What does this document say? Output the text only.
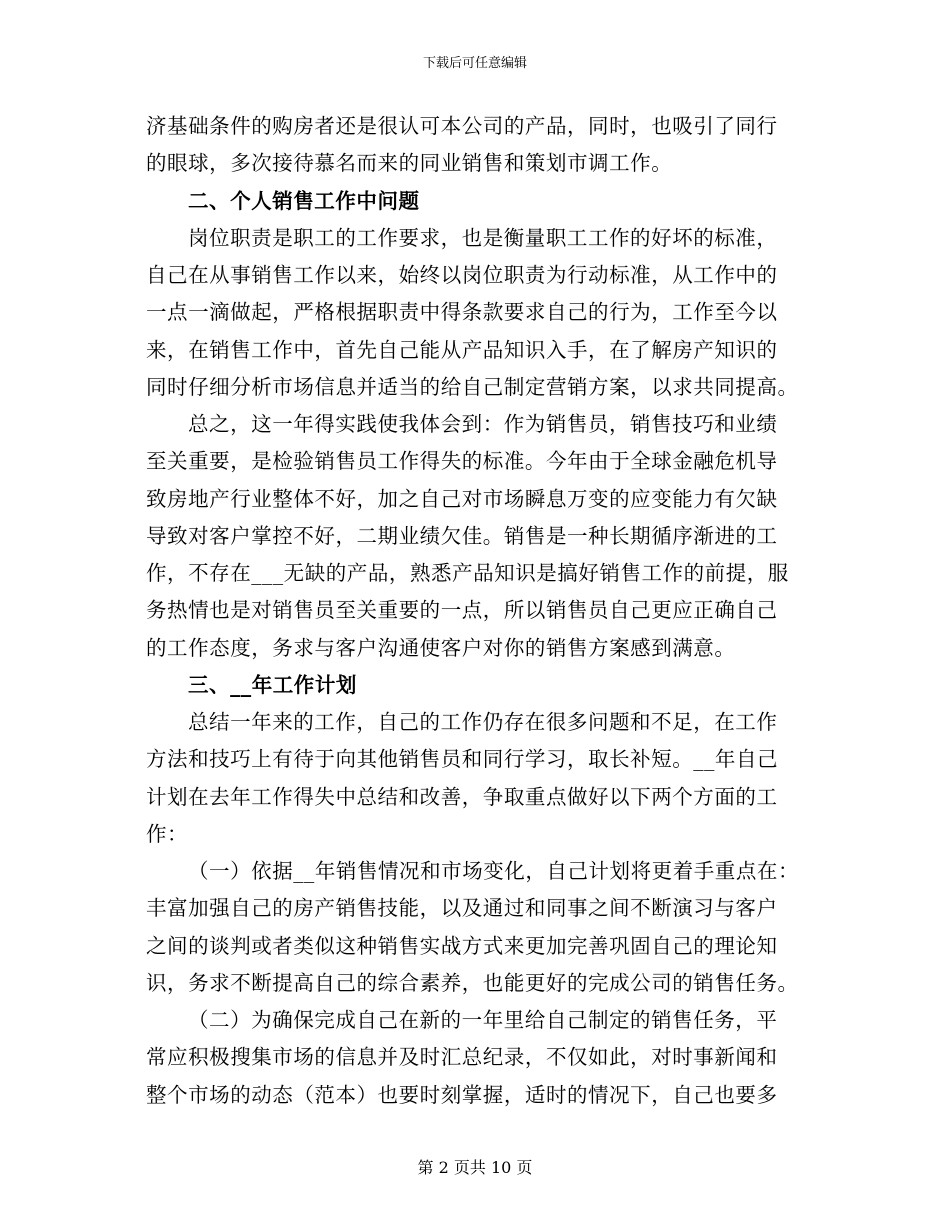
下载后可任意编辑
济基础条件的购房者还是很认可本公司的产品，同时，也吸引了同行
的眼球，多次接待慕名而来的同业销售和策划市调工作。
二、个人销售工作中问题
岗位职责是职工的工作要求，也是衡量职工工作的好坏的标准，
自己在从事销售工作以来，始终以岗位职责为行动标准，从工作中的
一点一滴做起，严格根据职责中得条款要求自己的行为，工作至今以
来，在销售工作中，首先自己能从产品知识入手，在了解房产知识的
同时仔细分析市场信息并适当的给自己制定营销方案，以求共同提高。
总之，这一年得实践使我体会到：作为销售员，销售技巧和业绩
至关重要，是检验销售员工作得失的标准。今年由于全球金融危机导
致房地产行业整体不好，加之自己对市场瞬息万变的应变能力有欠缺
导致对客户掌控不好，二期业绩欠佳。销售是一种长期循序渐进的工
作，不存在___无缺的产品，熟悉产品知识是搞好销售工作的前提，服
务热情也是对销售员至关重要的一点，所以销售员自己更应正确自己
的工作态度，务求与客户沟通使客户对你的销售方案感到满意。
三、__年工作计划
总结一年来的工作，自己的工作仍存在很多问题和不足，在工作
方法和技巧上有待于向其他销售员和同行学习，取长补短。__年自己
计划在去年工作得失中总结和改善，争取重点做好以下两个方面的工
作：
（一）依据__年销售情况和市场变化，自己计划将更着手重点在：
丰富加强自己的房产销售技能，以及通过和同事之间不断演习与客户
之间的谈判或者类似这种销售实战方式来更加完善巩固自己的理论知
识，务求不断提高自己的综合素养，也能更好的完成公司的销售任务。
（二）为确保完成自己在新的一年里给自己制定的销售任务，平
常应积极搜集市场的信息并及时汇总纪录，不仅如此，对时事新闻和
整个市场的动态（范本）也要时刻掌握，适时的情况下，自己也要多
第 2 页共 10 页
